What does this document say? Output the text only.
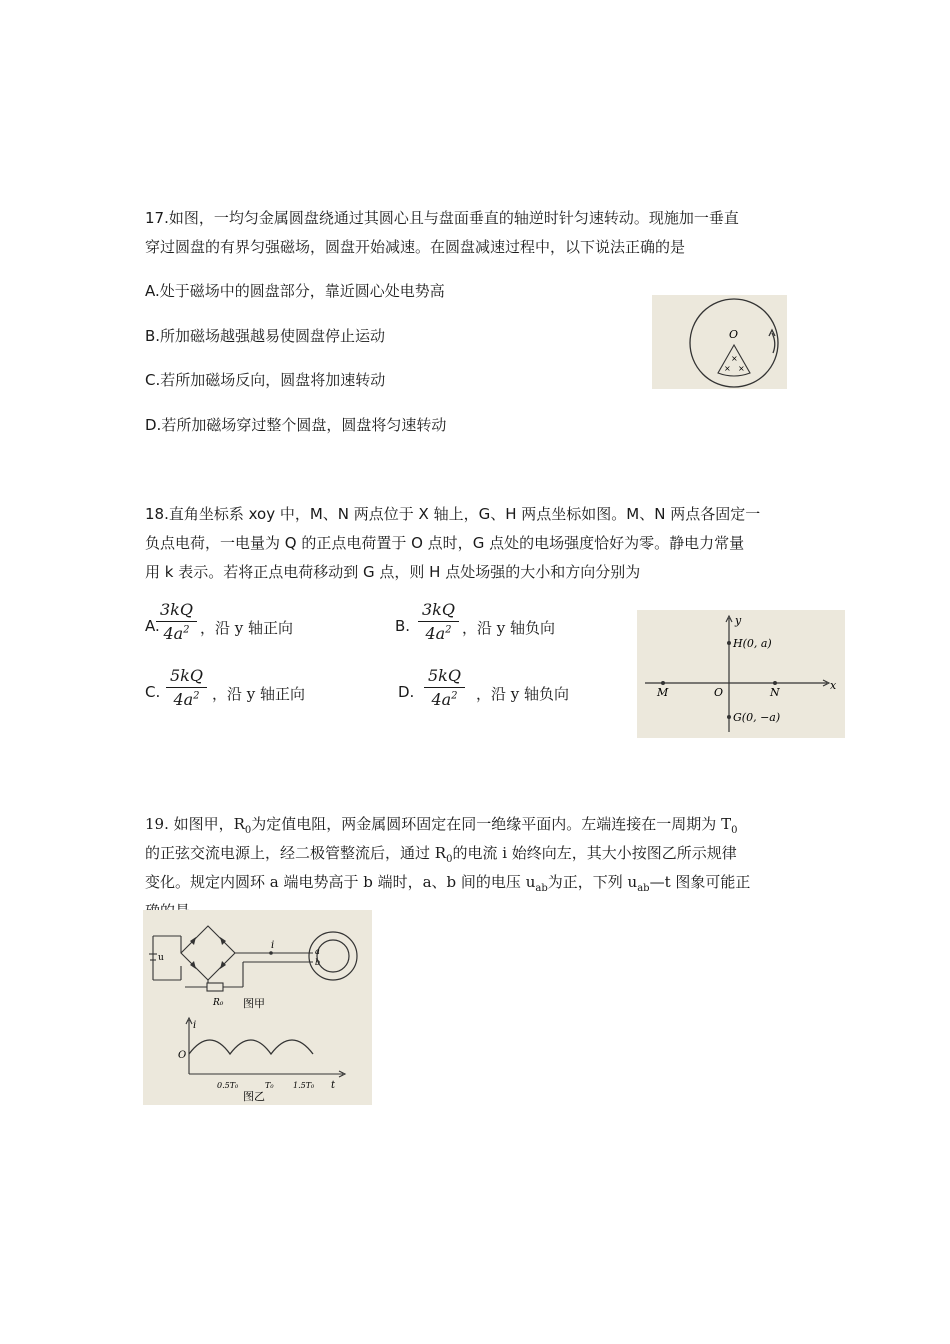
17.如图，一均匀金属圆盘绕通过其圆心且与盘面垂直的轴逆时针匀速转动。现施加一垂直
穿过圆盘的有界匀强磁场，圆盘开始减速。在圆盘减速过程中，以下说法正确的是
A.处于磁场中的圆盘部分，靠近圆心处电势高
B.所加磁场越强越易使圆盘停止运动
C.若所加磁场反向，圆盘将加速转动
D.若所加磁场穿过整个圆盘，圆盘将匀速转动
O
×
× ×
18.直角坐标系 xoy 中，M、N 两点位于 X 轴上，G、H 两点坐标如图。M、N 两点各固定一
负点电荷，一电量为 Q 的正点电荷置于 O 点时，G 点处的电场强度恰好为零。静电力常量
用 k 表示。若将正点电荷移动到 G 点，则 H 点处场强的大小和方向分别为
A.
$\frac{3kQ}{4a^2}$ ，沿 y 轴正向	B. $\frac{3kQ}{4a^2}$ ，沿 y 轴负向
C. $\frac{5kQ}{4a^2}$ ，沿 y 轴正向	D. $\frac{5kQ}{4a^2}$ ，沿 y 轴负向
y
x
H(0, a)
G(0, −a)
M	N
O
19. 如图甲，$R_0$为定值电阻，两金属圆环固定在同一绝缘平面内。左端连接在一周期为 $T_0$
的正弦交流电源上，经二极管整流后，通过 $R_0$的电流 i 始终向左，其大小按图乙所示规律
变化。规定内圆环 a 端电势高于 b 端时，a、b 间的电压 $u_{ab}$为正，下列 $u_{ab}—t$ 图象可能正
u
R₀
i
a
b
图甲
i
O
0.5T₀	T₀ 1.5T₀ t
图乙
